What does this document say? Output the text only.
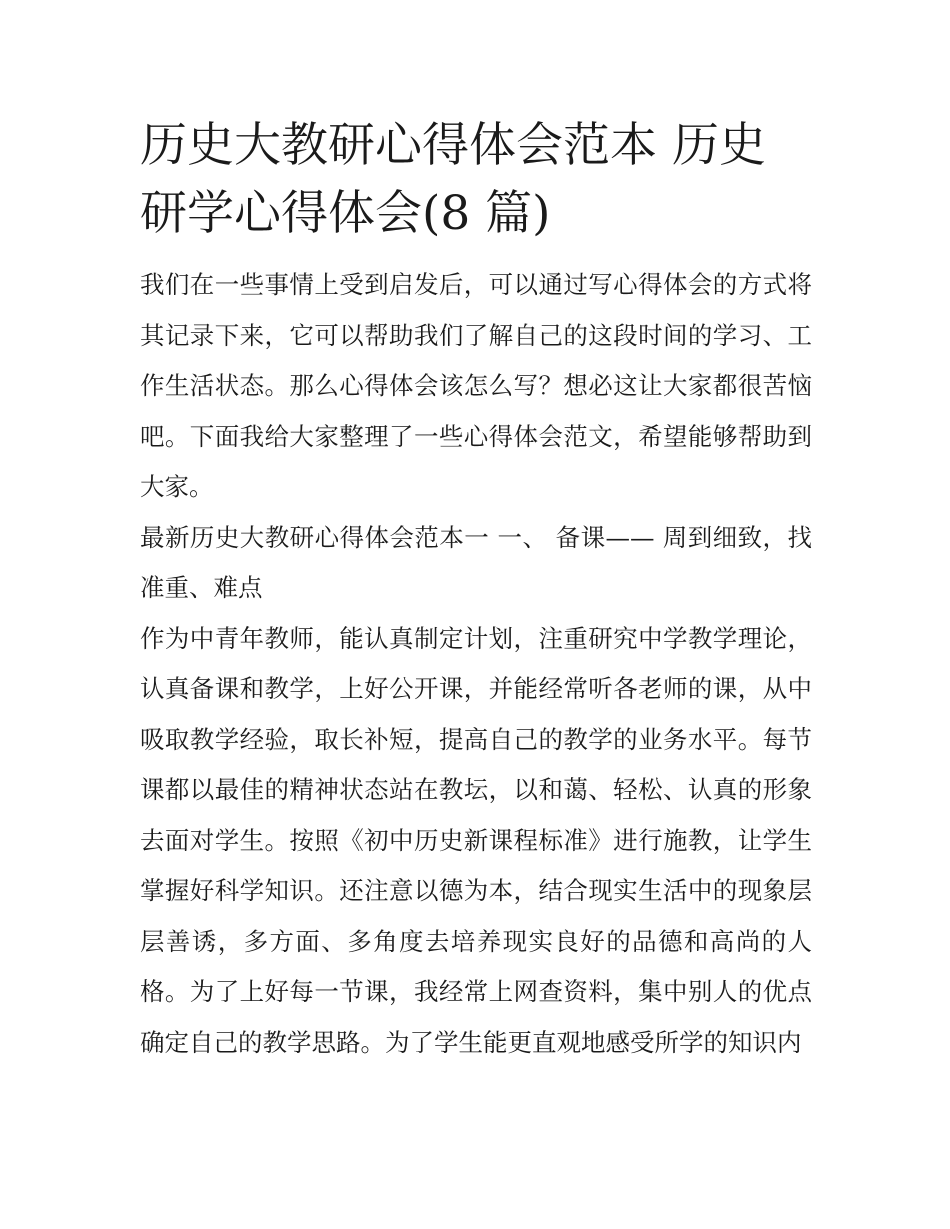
历史大教研心得体会范本 历史研学心得体会(8 篇)

我们在一些事情上受到启发后，可以通过写心得体会的方式将其记录下来，它可以帮助我们了解自己的这段时间的学习、工作生活状态。那么心得体会该怎么写？想必这让大家都很苦恼吧。下面我给大家整理了一些心得体会范文，希望能够帮助到大家。

最新历史大教研心得体会范本一 一、 备课—— 周到细致，找准重、难点

作为中青年教师，能认真制定计划，注重研究中学教学理论，认真备课和教学，上好公开课，并能经常听各老师的课，从中吸取教学经验，取长补短，提高自己的教学的业务水平。每节课都以最佳的精神状态站在教坛，以和蔼、轻松、认真的形象去面对学生。按照《初中历史新课程标准》进行施教，让学生掌握好科学知识。还注意以德为本，结合现实生活中的现象层层善诱，多方面、多角度去培养现实良好的品德和高尚的人格。为了上好每一节课，我经常上网查资料，集中别人的优点确定自己的教学思路。为了学生能更直观地感受所学的知识内
